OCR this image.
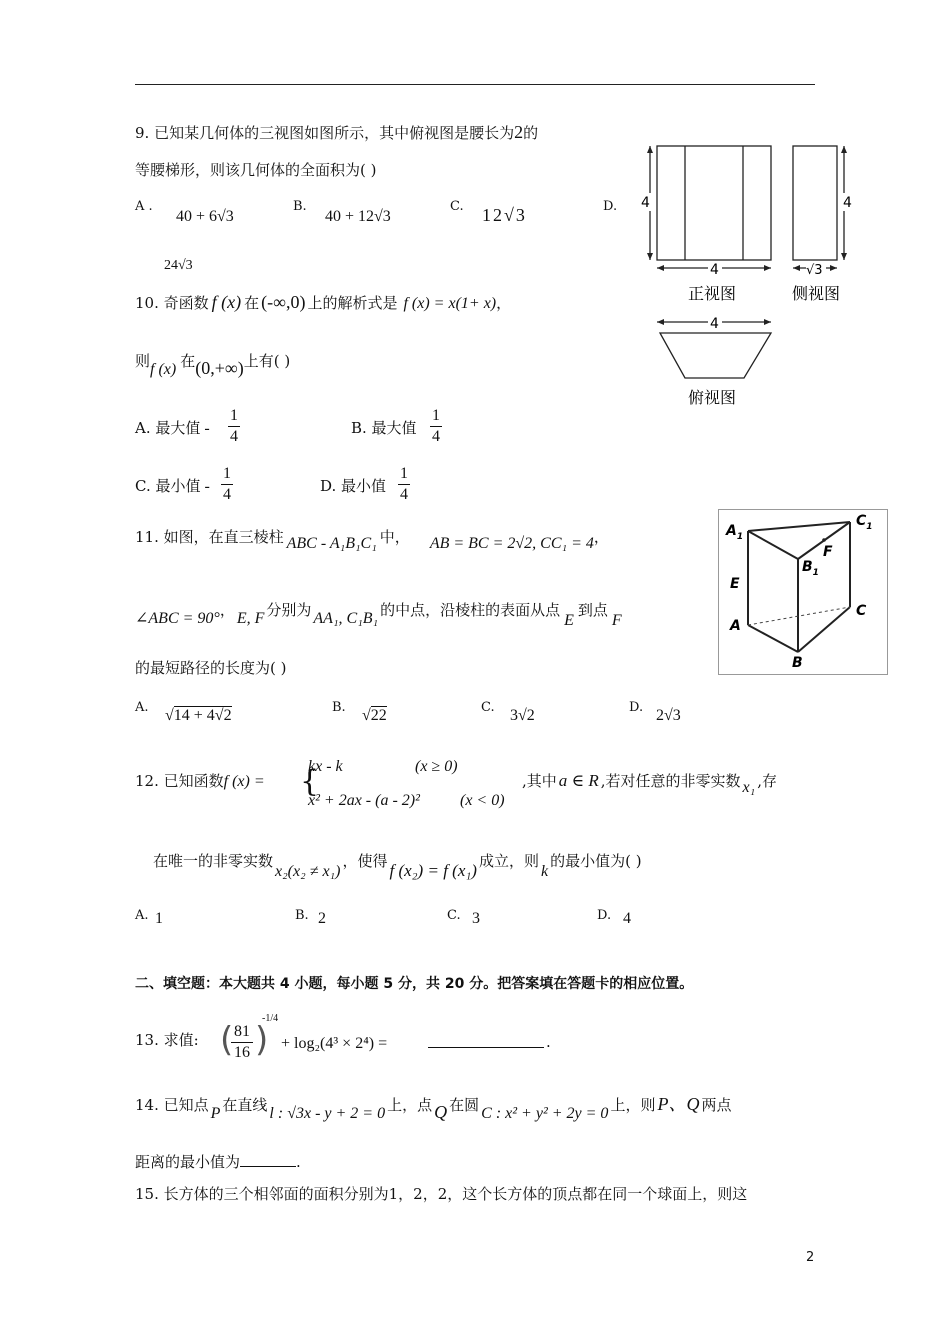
9. 已知某几何体的三视图如图所示，其中俯视图是腰长为2的
等腰梯形，则该几何体的全面积为( )
A .
40 + 6√3
B.
40 + 12√3
C. 12√3	D.
24√3
4	4
4	√3
正视图	侧视图
4
俯视图
10. 奇函数 f (x) 在 (-∞,0) 上的解析式是 f (x) = x(1+ x)，
则f (x) 在(0,+∞)上有( )
A. 最大值 -
1
4	B. 最大值
1
4
C. 最小值 -
1
4	D. 最小值
1
4
11. 如图，在直三棱柱 ABC - A₁B₁C₁ 中， AB = BC = 2√2, CC₁ = 4，
∠ABC = 90°， E, F 分别为 AA₁, C₁B₁ 的中点，沿棱柱的表面从点E到点F
的最短路径的长度为( )
A. √14 + 4√2	B. √22	C. 3√2	D. 2√3
$A_1$
$C_1$
$B_1$
F
E
A
B
C
12. 已知函数f (x) = {
kx - k	(x ≥ 0)
x² + 2ax - (a - 2)²	(x < 0)
,其中 a ∈ R ,若对任意的非零实数 x₁ ,存
在唯一的非零实数x₂(x₂ ≠ x₁)，使得 f (x₂) = f (x₁) 成立，则k的最小值为( )
A. 1	B. 2	C. 3	D. 4
二、填空题：本大题共 4 小题，每小题 5 分，共 20 分。把答案填在答题卡的相应位置。
13. 求值: ( 81
16 )
-1/4
+ log₂(4³ × 2⁴) =	.
14. 已知点 P 在直线 l : √3x - y + 2 = 0 上，点 Q 在圆 C : x² + y² + 2y = 0 上，则 P、Q 两点
距离的最小值为	.
15. 长方体的三个相邻面的面积分别为1，2，2，这个长方体的顶点都在同一个球面上，则这
2
